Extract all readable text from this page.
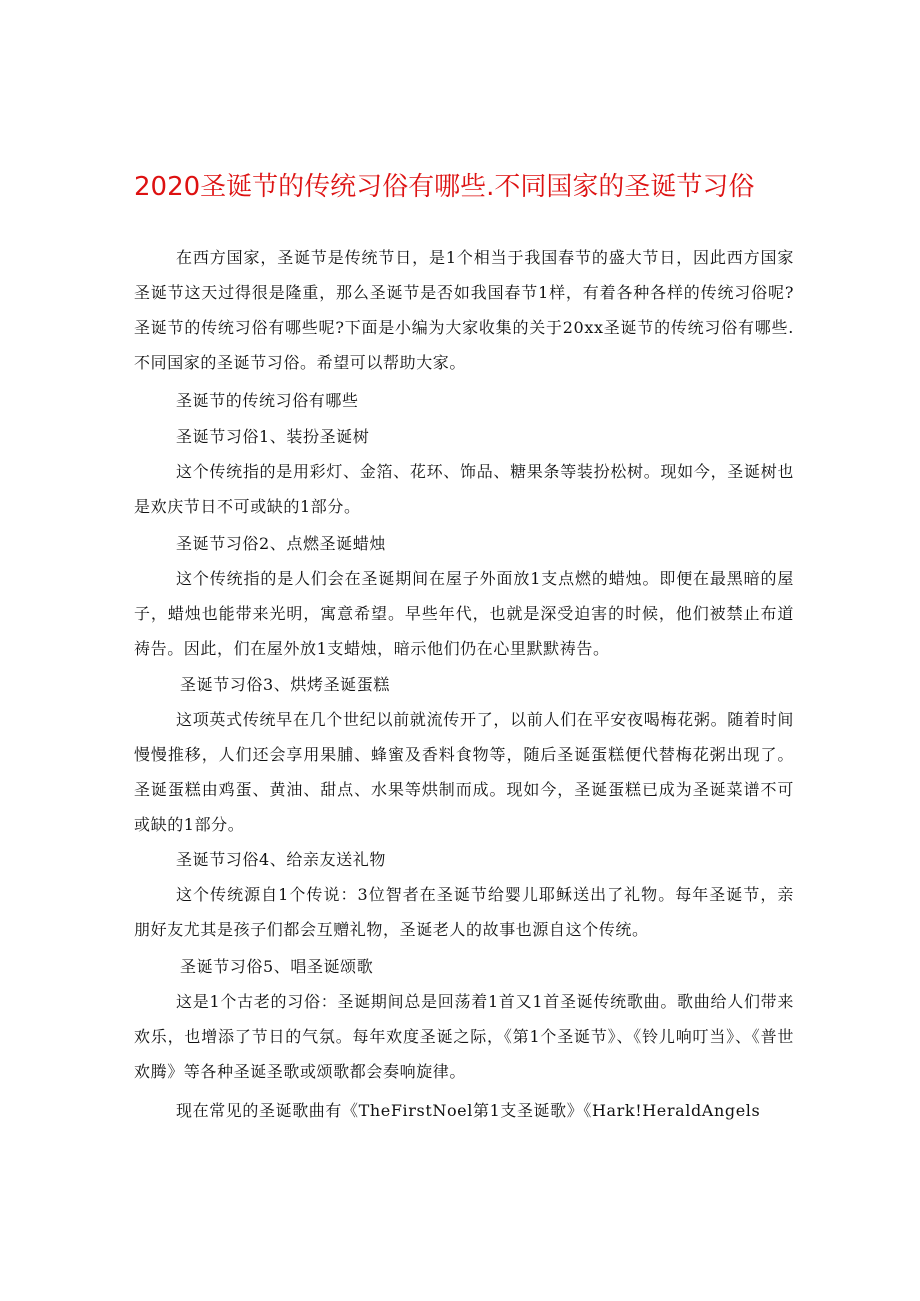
2020圣诞节的传统习俗有哪些.不同国家的圣诞节习俗

在西方国家，圣诞节是传统节日，是1个相当于我国春节的盛大节日，因此西方国家圣诞节这天过得很是隆重，那么圣诞节是否如我国春节1样，有着各种各样的传统习俗呢?圣诞节的传统习俗有哪些呢?下面是小编为大家收集的关于20xx圣诞节的传统习俗有哪些.不同国家的圣诞节习俗。希望可以帮助大家。

圣诞节的传统习俗有哪些

圣诞节习俗1、装扮圣诞树

这个传统指的是用彩灯、金箔、花环、饰品、糖果条等装扮松树。现如今，圣诞树也是欢庆节日不可或缺的1部分。

圣诞节习俗2、点燃圣诞蜡烛

这个传统指的是人们会在圣诞期间在屋子外面放1支点燃的蜡烛。即便在最黑暗的屋子，蜡烛也能带来光明，寓意希望。早些年代，也就是深受迫害的时候，他们被禁止布道祷告。因此，们在屋外放1支蜡烛，暗示他们仍在心里默默祷告。

圣诞节习俗3、烘烤圣诞蛋糕

这项英式传统早在几个世纪以前就流传开了，以前人们在平安夜喝梅花粥。随着时间慢慢推移，人们还会享用果脯、蜂蜜及香料食物等，随后圣诞蛋糕便代替梅花粥出现了。圣诞蛋糕由鸡蛋、黄油、甜点、水果等烘制而成。现如今，圣诞蛋糕已成为圣诞菜谱不可或缺的1部分。

圣诞节习俗4、给亲友送礼物

这个传统源自1个传说：3位智者在圣诞节给婴儿耶稣送出了礼物。每年圣诞节，亲朋好友尤其是孩子们都会互赠礼物，圣诞老人的故事也源自这个传统。

圣诞节习俗5、唱圣诞颂歌

这是1个古老的习俗：圣诞期间总是回荡着1首又1首圣诞传统歌曲。歌曲给人们带来欢乐，也增添了节日的气氛。每年欢度圣诞之际，《第1个圣诞节》、《铃儿响叮当》、《普世欢腾》等各种圣诞圣歌或颂歌都会奏响旋律。

现在常见的圣诞歌曲有《TheFirstNoel第1支圣诞歌》《Hark!HeraldAngels
